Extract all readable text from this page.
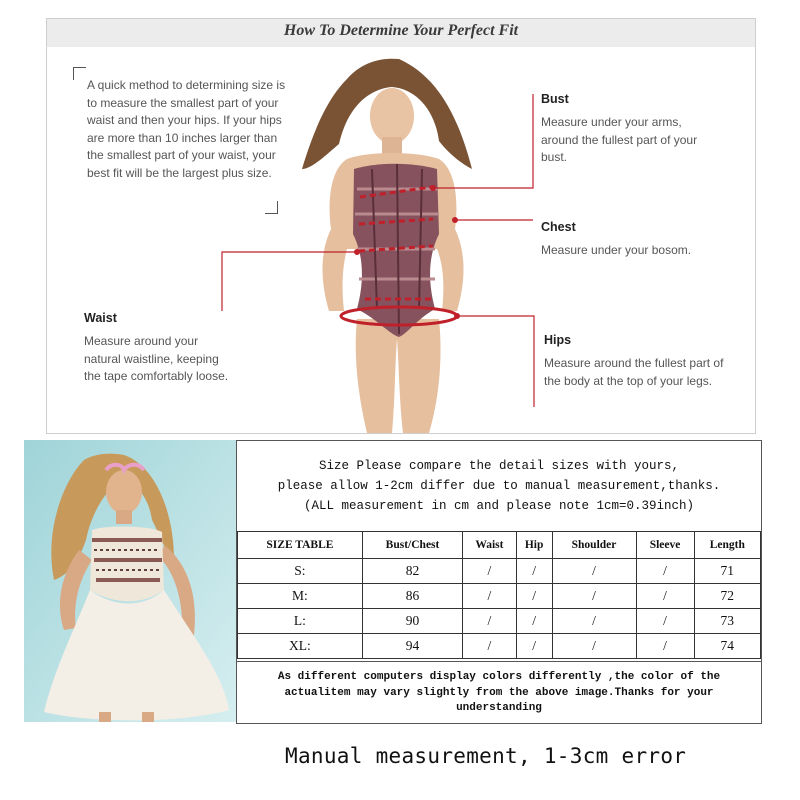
How To Determine Your Perfect Fit
A quick method to determining size is to measure the smallest part of your waist and then your hips. If your hips are more than 10 inches larger than the smallest part of your waist, your best fit will be the largest plus size.
Bust
Measure under your arms, around the fullest part of your bust.
Chest
Measure under your bosom.
Waist
Measure around your natural waistline, keeping the tape comfortably loose.
Hips
Measure around the fullest part of the body at the top of your legs.
Size Please compare the detail sizes with yours,
please allow 1-2cm differ due to manual measurement,thanks.
(ALL measurement in cm and please note 1cm=0.39inch)
SIZE TABLE	Bust/Chest	Waist	Hip	Shoulder	Sleeve	Length
S:	82	/	/	/	/	71
M:	86	/	/	/	/	72
L:	90	/	/	/	/	73
XL:	94	/	/	/	/	74
As different computers display colors differently ,the color of the
actualitem may vary slightly from the above image.Thanks for your
understanding
Manual measurement, 1-3cm error
